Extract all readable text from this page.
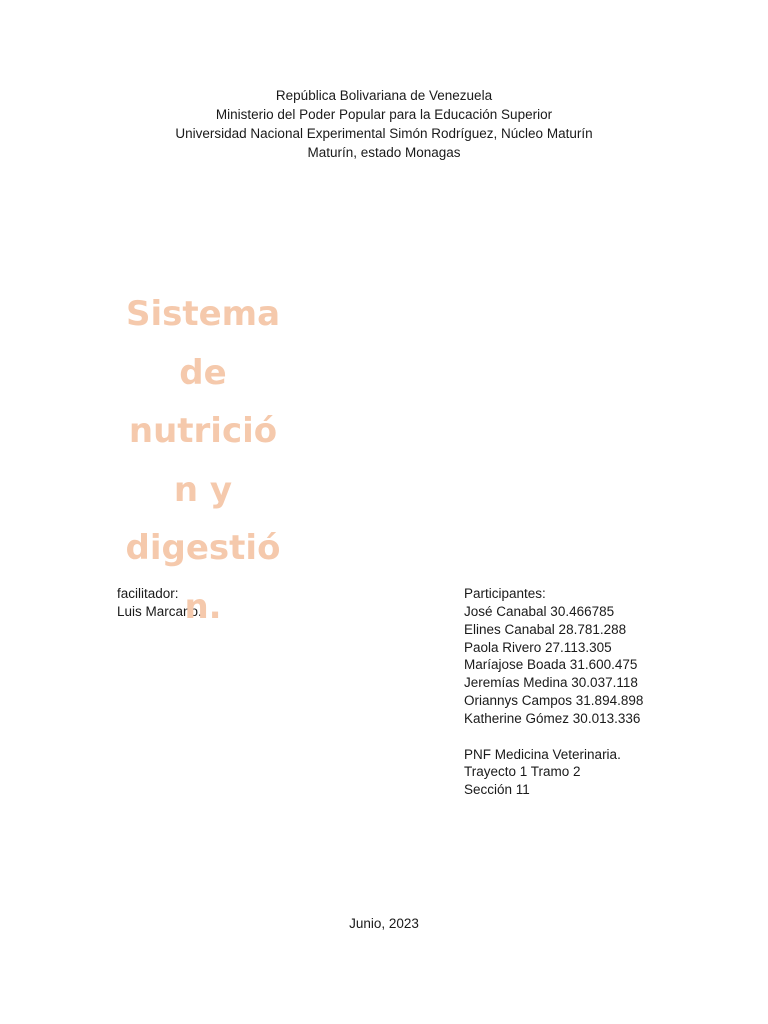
República Bolivariana de Venezuela
Ministerio del Poder Popular para la Educación Superior
Universidad Nacional Experimental Simón Rodríguez, Núcleo Maturín
Maturín, estado Monagas
facilitador:
Luis Marcano.
Sistema
de
nutrició
n y
digestió
n.	Participantes:
José Canabal 30.466785
Elines Canabal 28.781.288
Paola Rivero 27.113.305
Maríajose Boada 31.600.475
Jeremías Medina 30.037.118
Oriannys Campos 31.894.898
Katherine Gómez 30.013.336
PNF Medicina Veterinaria.
Trayecto 1 Tramo 2
Sección 11
Junio, 2023
